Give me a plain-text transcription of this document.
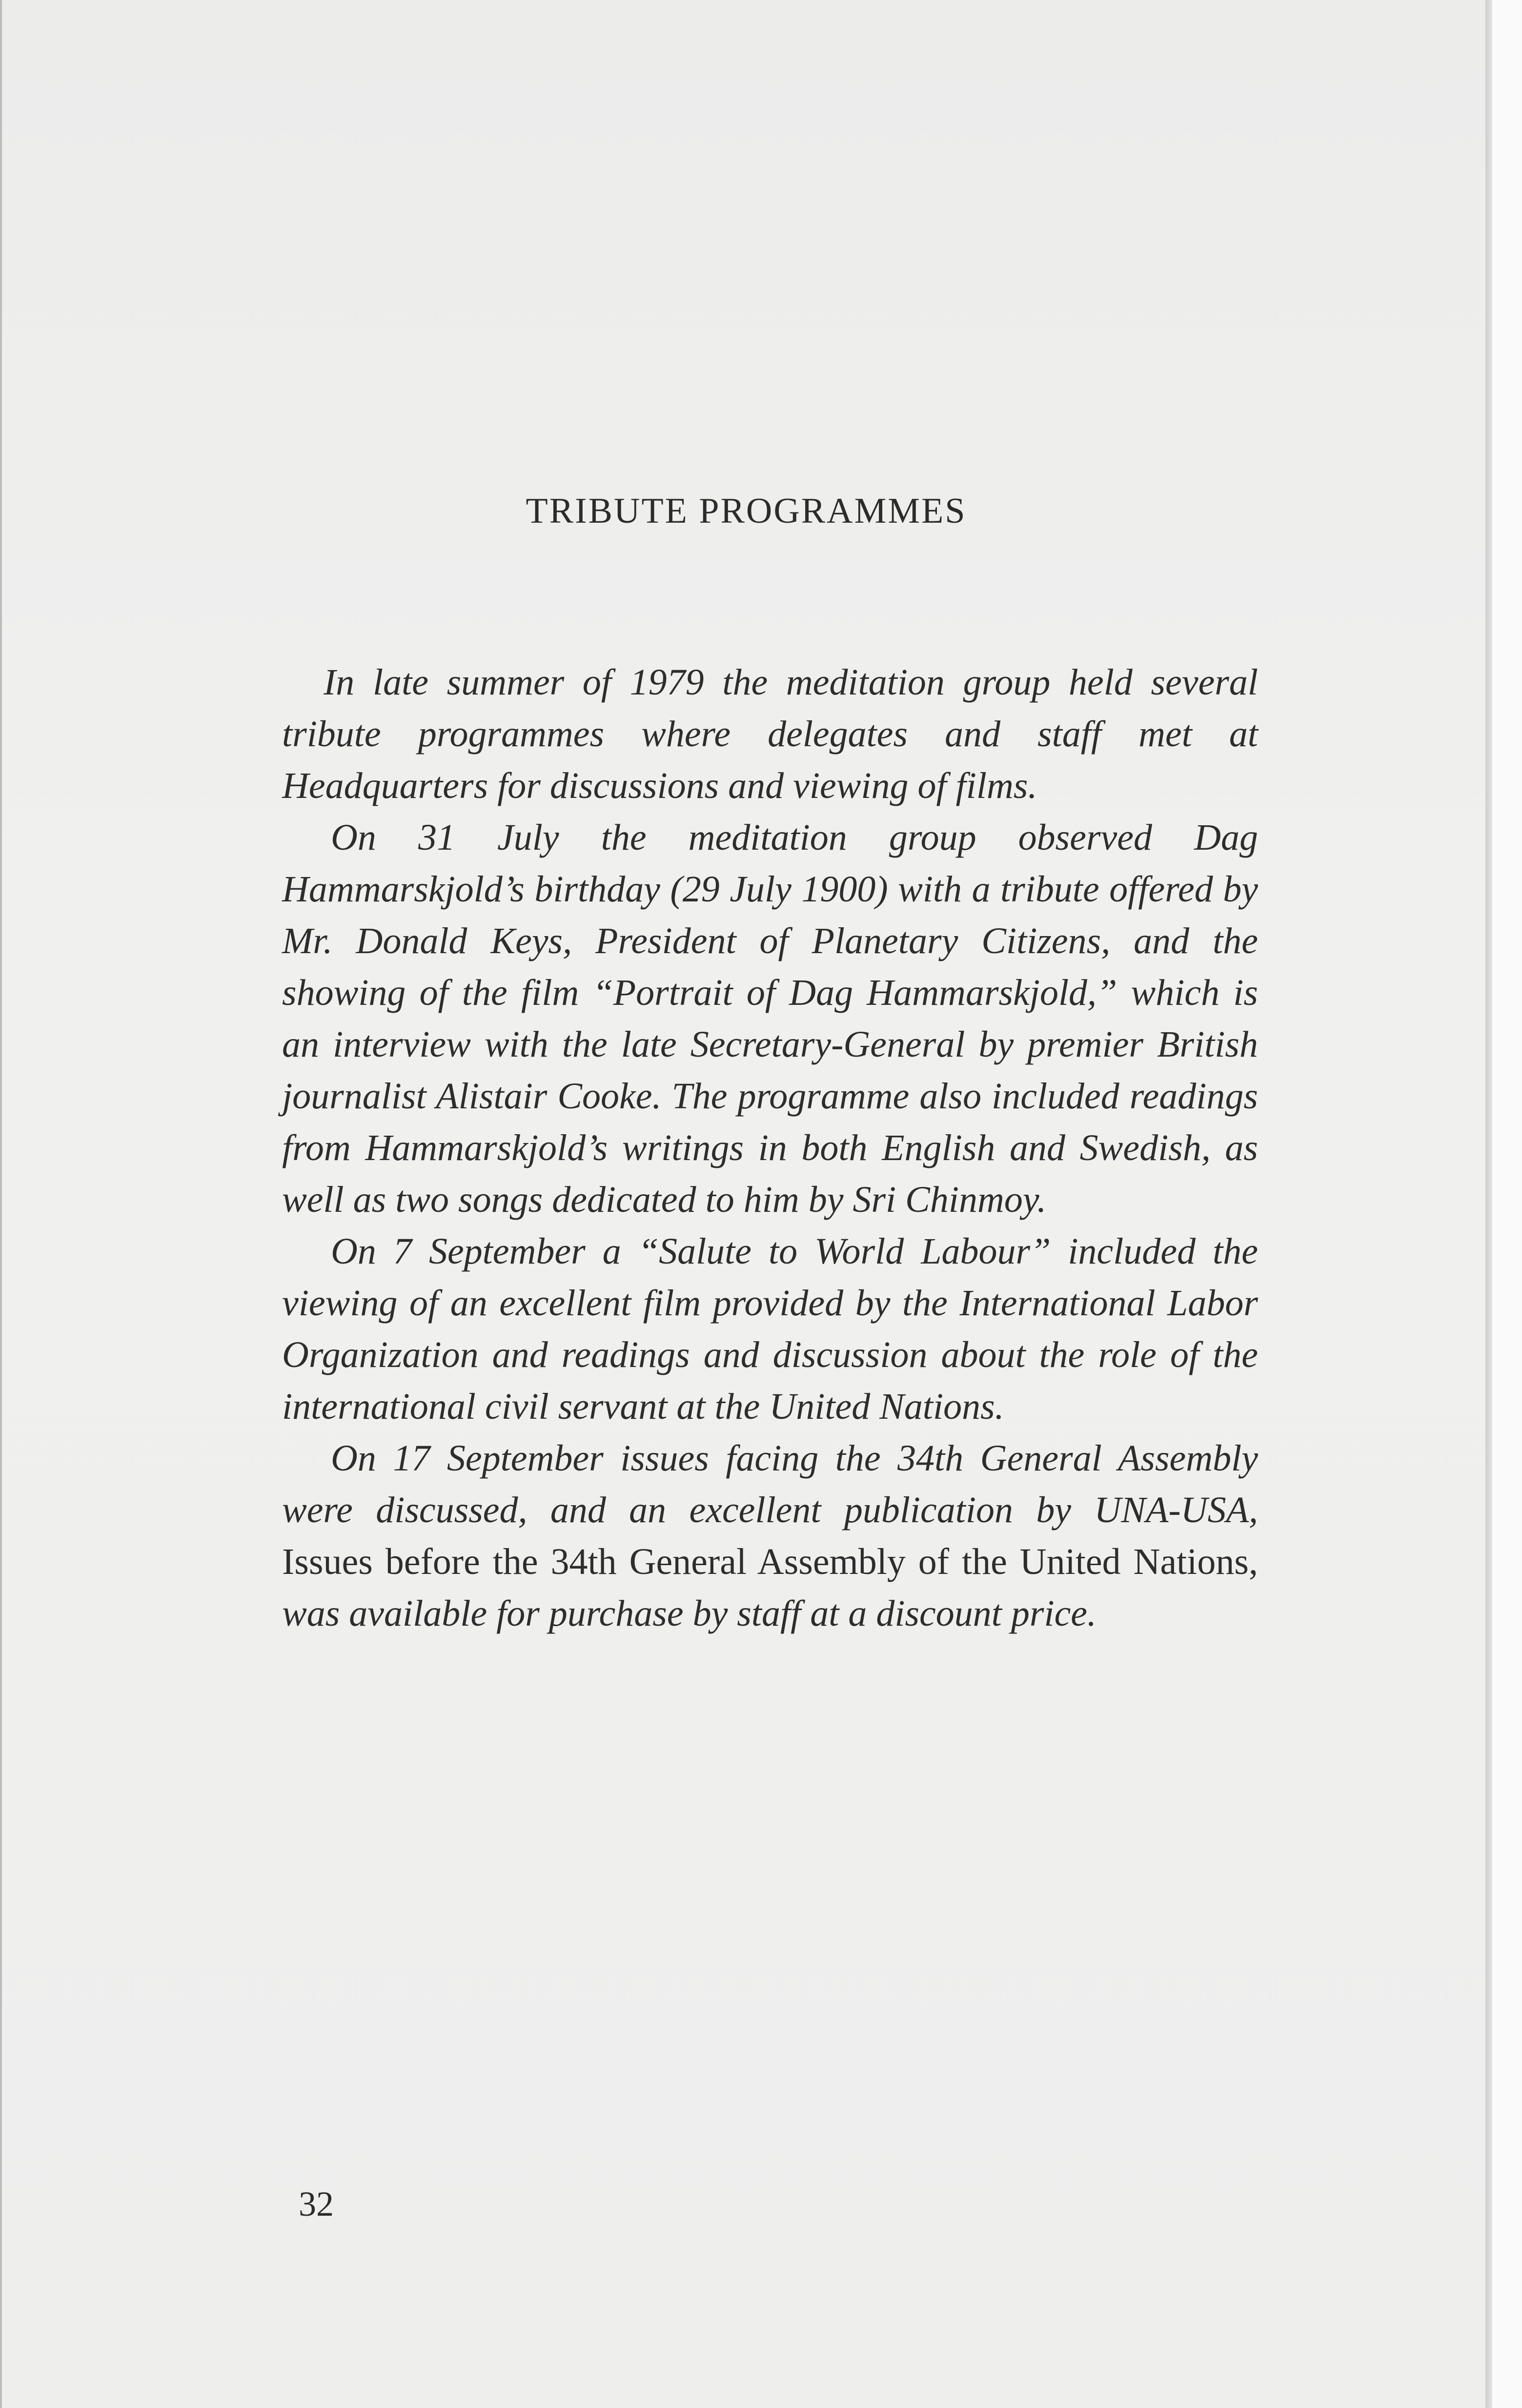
TRIBUTE PROGRAMMES

In late summer of 1979 the meditation group held several tribute programmes where delegates and staff met at Headquarters for discussions and viewing of films.

On 31 July the meditation group observed Dag Hammarskjold’s birthday (29 July 1900) with a tribute offered by Mr. Donald Keys, President of Planetary Citizens, and the showing of the film “Portrait of Dag Hammarskjold,” which is an interview with the late Secretary-General by premier British journalist Alistair Cooke. The programme also included readings from Hammarskjold’s writings in both English and Swedish, as well as two songs dedicated to him by Sri Chinmoy.

On 7 September a “Salute to World Labour” included the viewing of an excellent film provided by the International Labor Organization and readings and discussion about the role of the international civil servant at the United Nations.

On 17 September issues facing the 34th General Assembly were discussed, and an excellent publication by UNA-USA, Issues before the 34th General Assembly of the United Nations, was available for purchase by staff at a discount price.

32
